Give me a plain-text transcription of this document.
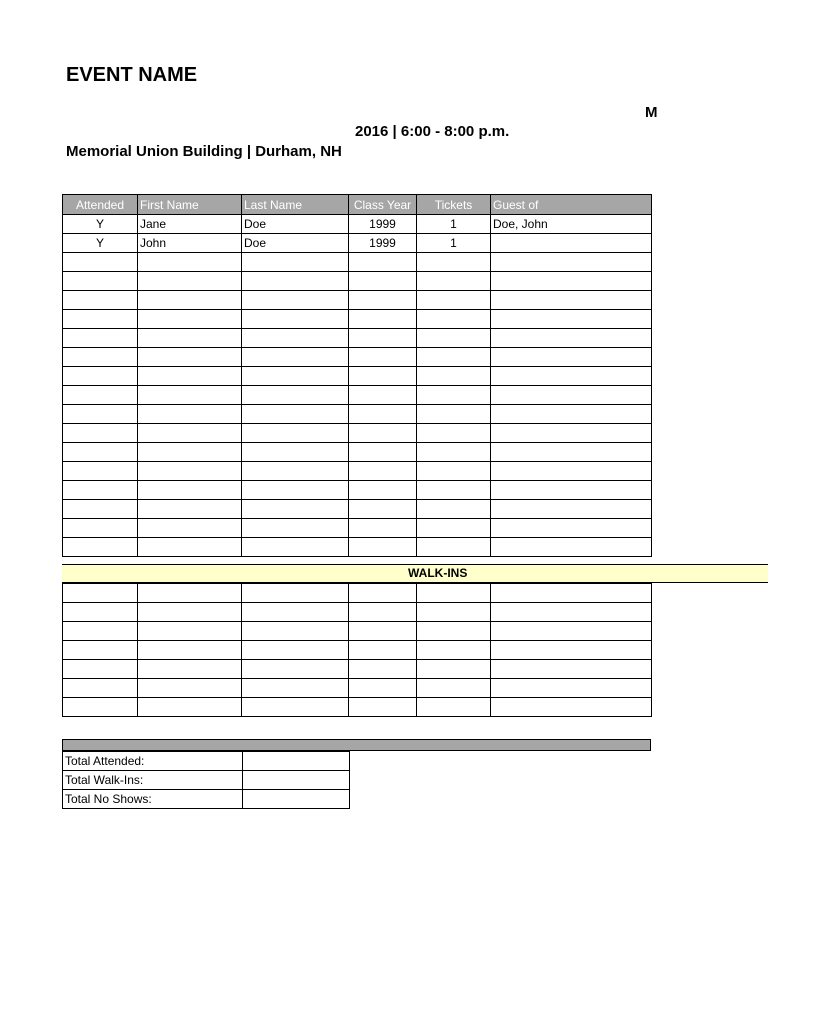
EVENT NAME
M
2016 | 6:00 - 8:00 p.m.
Memorial Union Building | Durham, NH
Attended	First Name	Last Name	Class Year	Tickets	Guest of
Y	Jane	Doe	1999	1	Doe, John
Y	John	Doe	1999	1	

WALK-INS

Total Attended:	
Total Walk-Ins:	
Total No Shows:	
